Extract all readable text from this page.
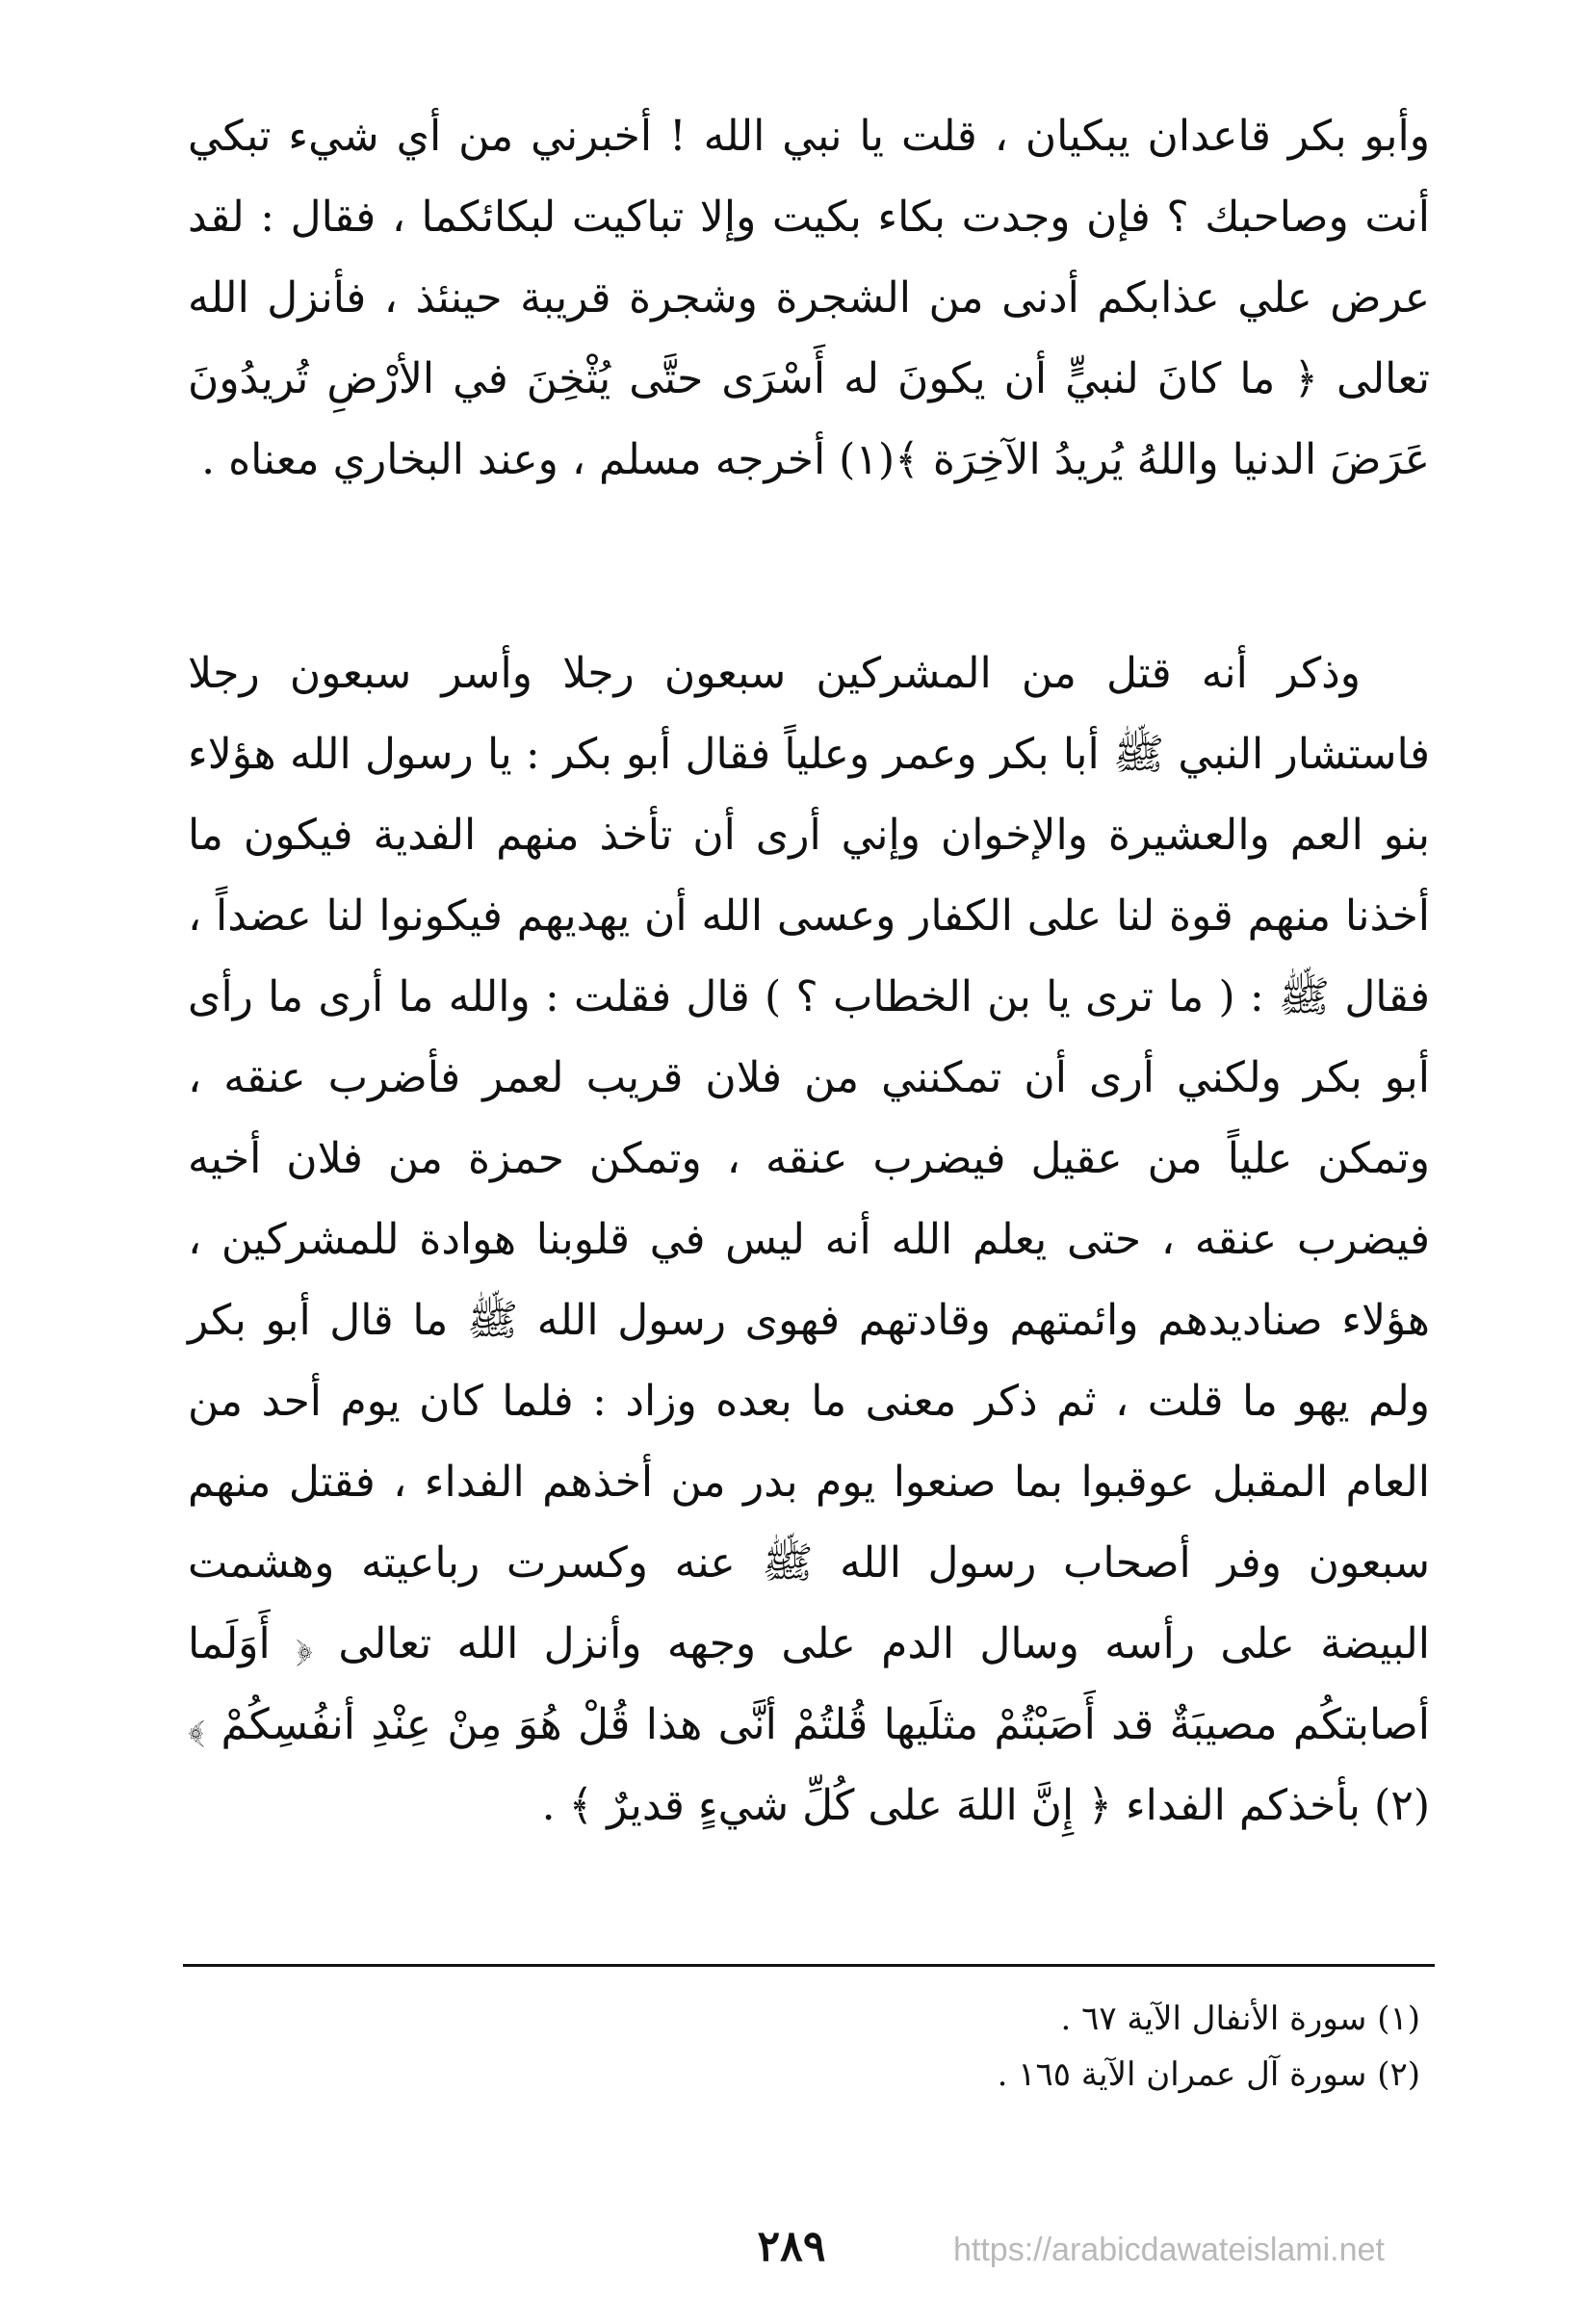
وأبو بكر قاعدان يبكيان ، قلت يا نبي الله ! أخبرني من أي شيء تبكي أنت وصاحبك ؟ فإن وجدت بكاء بكيت وإلا تباكيت لبكائكما ، فقال : لقد عرض علي عذابكم أدنى من الشجرة وشجرة قريبة حينئذ ، فأنزل الله تعالى ﴿ ما كانَ لنبيٍّ أن يكونَ له أَسْرَى حتَّى يُثْخِنَ في الأرْضِ تُريدُونَ عَرَضَ الدنيا واللهُ يُريدُ الآخِرَة ﴾(١) أخرجه مسلم ، وعند البخاري معناه .

وذكر أنه قتل من المشركين سبعون رجلا وأسر سبعون رجلا فاستشار النبي ﷺ أبا بكر وعمر وعلياً فقال أبو بكر : يا رسول الله هؤلاء بنو العم والعشيرة والإخوان وإني أرى أن تأخذ منهم الفدية فيكون ما أخذنا منهم قوة لنا على الكفار وعسى الله أن يهديهم فيكونوا لنا عضداً ، فقال ﷺ : ( ما ترى يا بن الخطاب ؟ ) قال فقلت : والله ما أرى ما رأى أبو بكر ولكني أرى أن تمكنني من فلان قريب لعمر فأضرب عنقه ، وتمكن علياً من عقيل فيضرب عنقه ، وتمكن حمزة من فلان أخيه فيضرب عنقه ، حتى يعلم الله أنه ليس في قلوبنا هوادة للمشركين ، هؤلاء صناديدهم وائمتهم وقادتهم فهوى رسول الله ﷺ ما قال أبو بكر ولم يهو ما قلت ، ثم ذكر معنى ما بعده وزاد : فلما كان يوم أحد من العام المقبل عوقبوا بما صنعوا يوم بدر من أخذهم الفداء ، فقتل منهم سبعون وفر أصحاب رسول الله ﷺ عنه وكسرت رباعيته وهشمت البيضة على رأسه وسال الدم على وجهه وأنزل الله تعالى ﴿ أَوَلَما أصابتكُم مصيبَةٌ قد أَصَبْتُمْ مثلَيها قُلتُمْ أنَّى هذا قُلْ هُوَ مِنْ عِنْدِ أنفُسِكُمْ ﴾(٢) بأخذكم الفداء ﴿ إِنَّ اللهَ على كُلِّ شيءٍ قديرٌ ﴾ .

(١) سورة الأنفال الآية ٦٧ .

(٢) سورة آل عمران الآية ١٦٥ .

٢٨٩	https://arabicdawateislami.net
